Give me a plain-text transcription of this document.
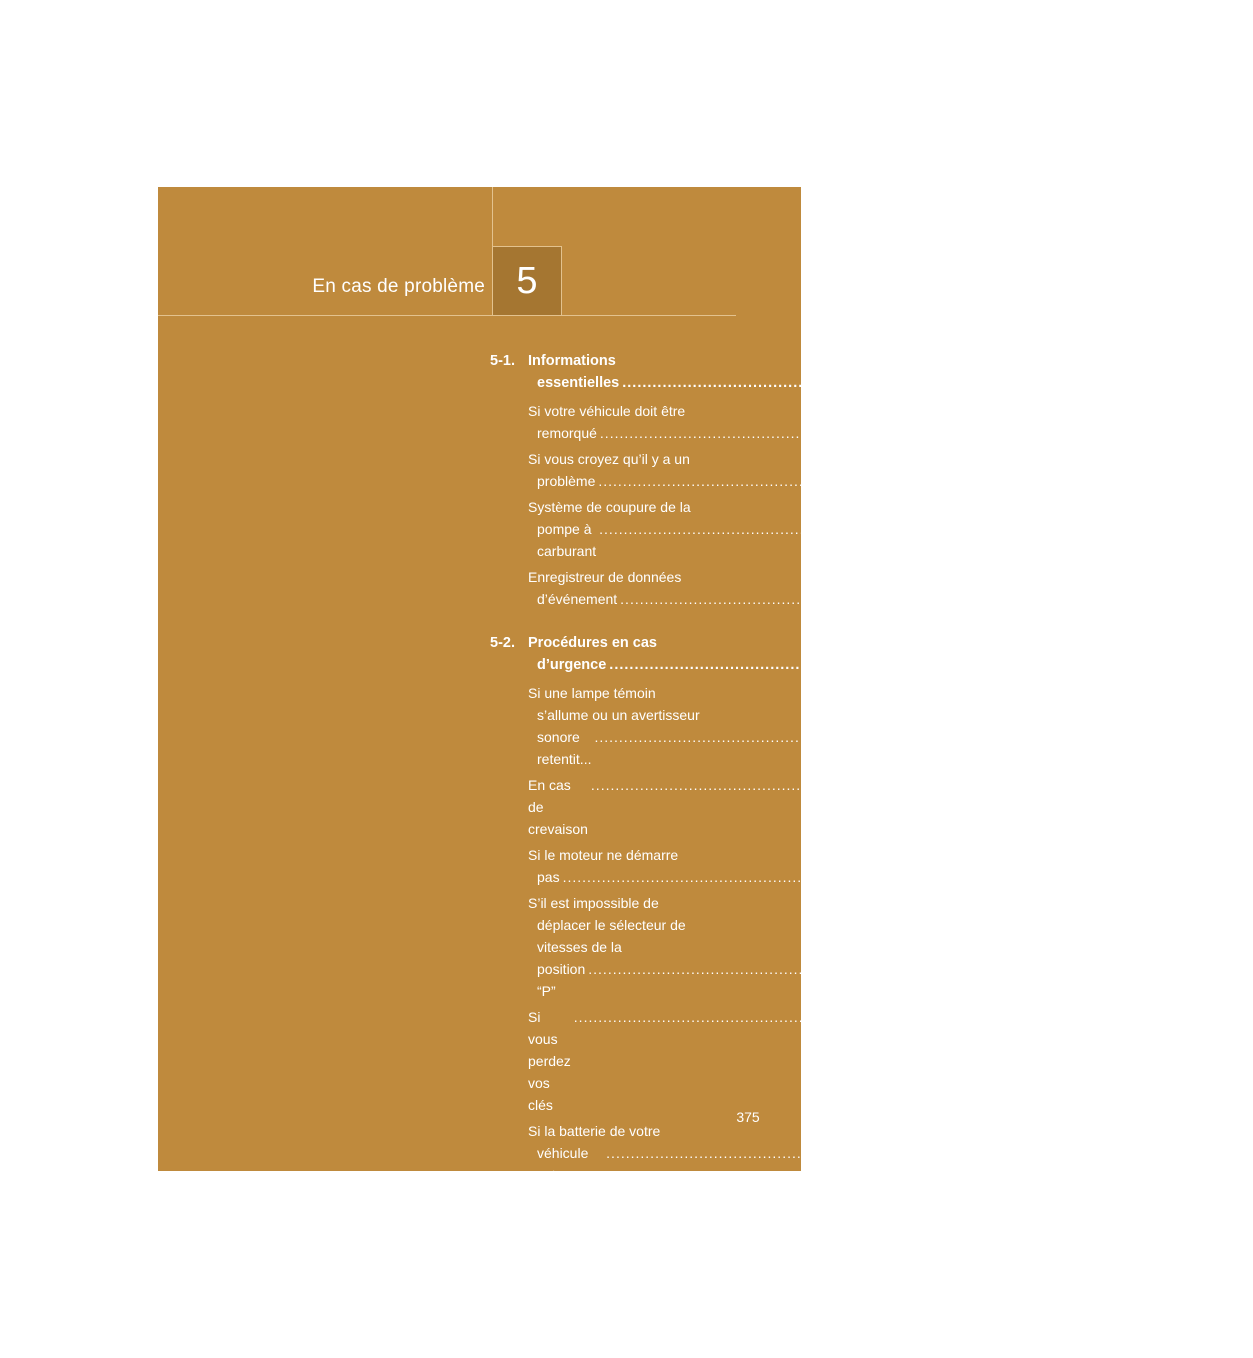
En cas de problème 5
5-1. Informations
essentielles ........................................................................................................................ 376
Si votre véhicule doit être
remorqué ........................................................................................................................ 376
Si vous croyez qu’il y a un
problème ........................................................................................................................ 381
Système de coupure de la
pompe à carburant
........................................................................................................................ 382
Enregistreur de données
d’événement ........................................................................................................................ 383
5-2. Procédures en cas
d’urgence ........................................................................................................................ 385
Si une lampe témoin
s’allume ou un avertisseur
sonore retentit...
........................................................................................................................ 385
En cas de crevaison
........................................................................................................................ 395
Si le moteur ne démarre
pas ........................................................................................................................ 406
S’il est impossible de
déplacer le sélecteur de
vitesses de la
position “P”
........................................................................................................................ 407
Si vous perdez vos clés
........................................................................................................................ 408
Si la batterie de votre
véhicule est déchargée
........................................................................................................................ 409
Si le véhicule surchauffe
........................................................................................................................ 412
Si votre véhicule est
bloqué ........................................................................................................................ 414
375
